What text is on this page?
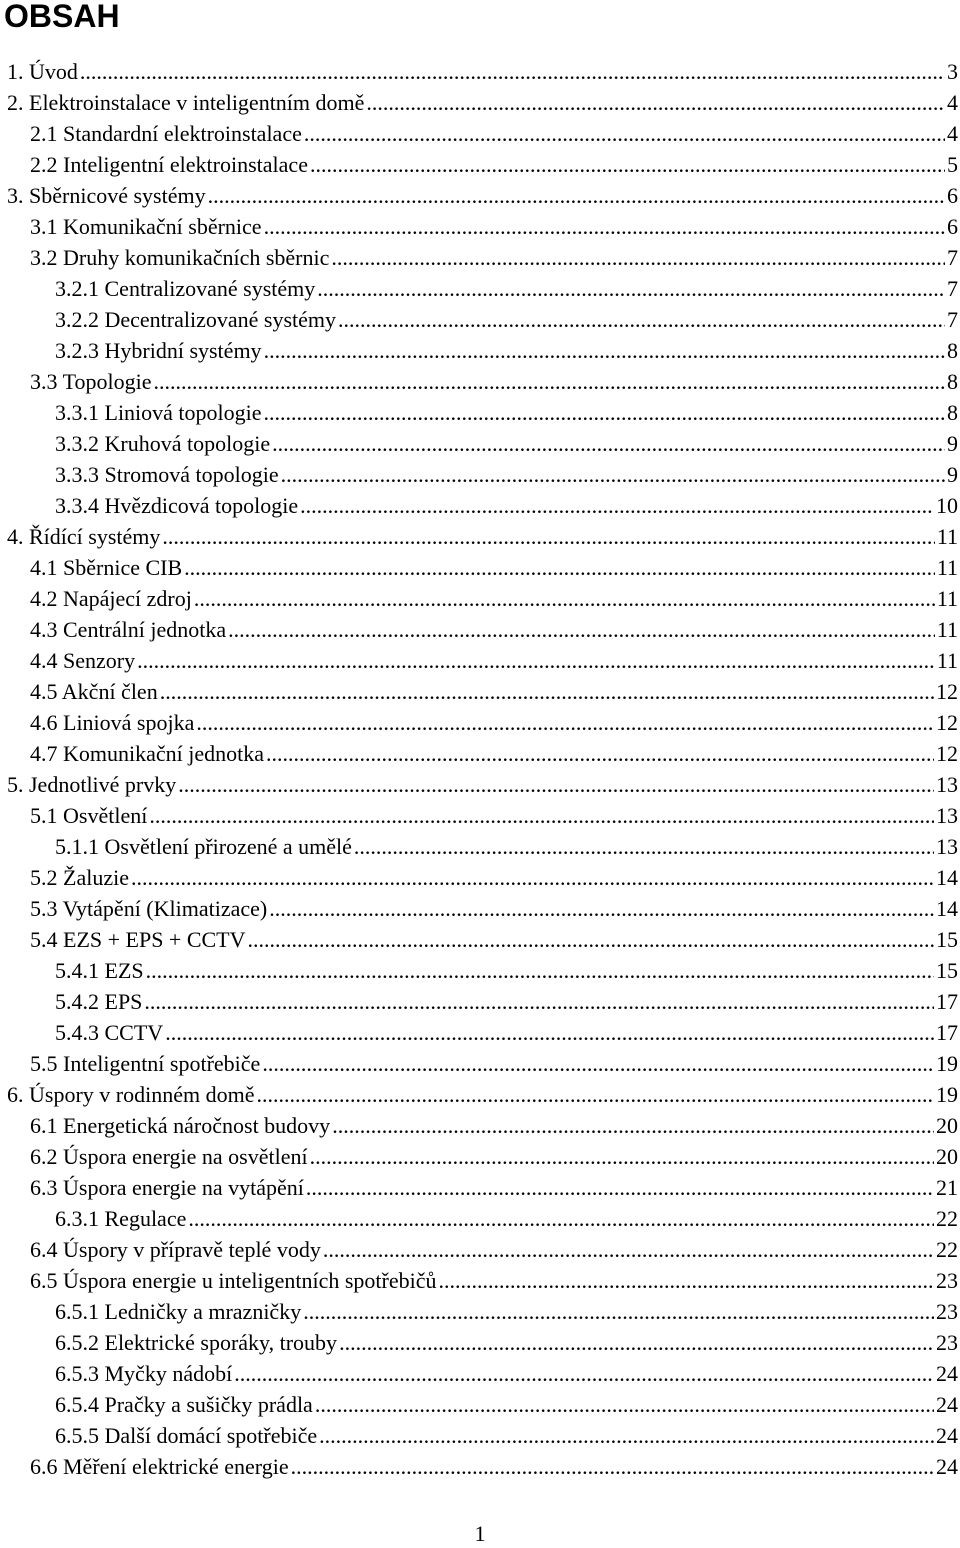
OBSAH
1. Úvod .....	3
2. Elektroinstalace v inteligentním domě .....	4
2.1 Standardní elektroinstalace .....	4
2.2 Inteligentní elektroinstalace .....	5
3. Sběrnicové systémy .....	6
3.1 Komunikační sběrnice .....	6
3.2 Druhy komunikačních sběrnic .....	7
3.2.1 Centralizované systémy .....	7
3.2.2 Decentralizované systémy .....	7
3.2.3 Hybridní systémy .....	8
3.3 Topologie .....	8
3.3.1 Liniová topologie .....	8
3.3.2 Kruhová topologie .....	9
3.3.3 Stromová topologie .....	9
3.3.4 Hvězdicová topologie .....	10
4. Řídící systémy .....	11
4.1 Sběrnice CIB .....	11
4.2 Napájecí zdroj .....	11
4.3 Centrální jednotka .....	11
4.4 Senzory .....	11
4.5 Akční člen .....	12
4.6 Liniová spojka .....	12
4.7 Komunikační jednotka .....	12
5. Jednotlivé prvky .....	13
5.1 Osvětlení .....	13
5.1.1 Osvětlení přirozené a umělé .....	13
5.2 Žaluzie .....	14
5.3 Vytápění (Klimatizace) .....	14
5.4 EZS + EPS + CCTV .....	15
5.4.1 EZS .....	15
5.4.2 EPS .....	17
5.4.3 CCTV .....	17
5.5 Inteligentní spotřebiče .....	19
6. Úspory v rodinném domě .....	19
6.1 Energetická náročnost budovy .....	20
6.2 Úspora energie na osvětlení .....	20
6.3 Úspora energie na vytápění .....	21
6.3.1 Regulace .....	22
6.4 Úspory v přípravě teplé vody .....	22
6.5 Úspora energie u inteligentních spotřebičů .....	23
6.5.1 Ledničky a mrazničky .....	23
6.5.2 Elektrické sporáky, trouby .....	23
6.5.3 Myčky nádobí .....	24
6.5.4 Pračky a sušičky prádla .....	24
6.5.5 Další domácí spotřebiče .....	24
6.6 Měření elektrické energie .....	24
1
